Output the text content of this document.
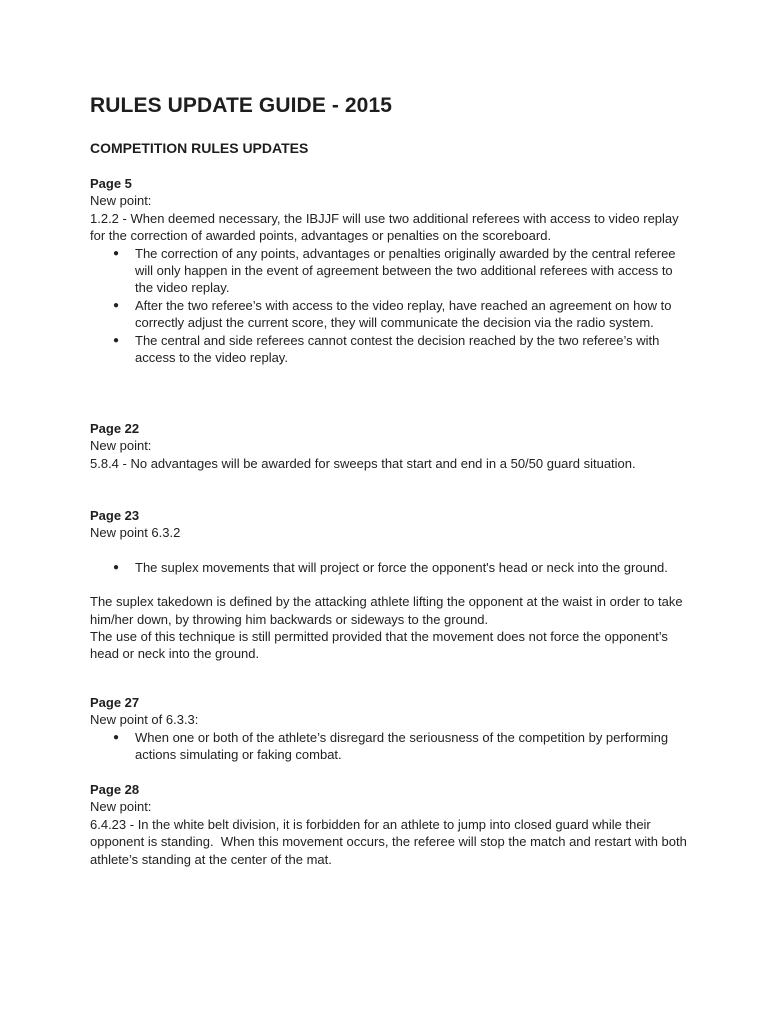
RULES UPDATE GUIDE - 2015
COMPETITION RULES UPDATES
Page 5
New point:
1.2.2 - When deemed necessary, the IBJJF will use two additional referees with access to video replay for the correction of awarded points, advantages or penalties on the scoreboard.
● The correction of any points, advantages or penalties originally awarded by the central referee will only happen in the event of agreement between the two additional referees with access to the video replay.
● After the two referee’s with access to the video replay, have reached an agreement on how to correctly adjust the current score, they will communicate the decision via the radio system.
● The central and side referees cannot contest the decision reached by the two referee’s with access to the video replay.
Page 22
New point:
5.8.4 - No advantages will be awarded for sweeps that start and end in a 50/50 guard situation.
Page 23
New point 6.3.2
● The suplex movements that will project or force the opponent's head or neck into the ground.
The suplex takedown is defined by the attacking athlete lifting the opponent at the waist in order to take him/her down, by throwing him backwards or sideways to the ground.
The use of this technique is still permitted provided that the movement does not force the opponent’s head or neck into the ground.
Page 27
New point of 6.3.3:
● When one or both of the athlete’s disregard the seriousness of the competition by performing actions simulating or faking combat.
Page 28
New point:
6.4.23 - In the white belt division, it is forbidden for an athlete to jump into closed guard while their opponent is standing.  When this movement occurs, the referee will stop the match and restart with both athlete’s standing at the center of the mat.
